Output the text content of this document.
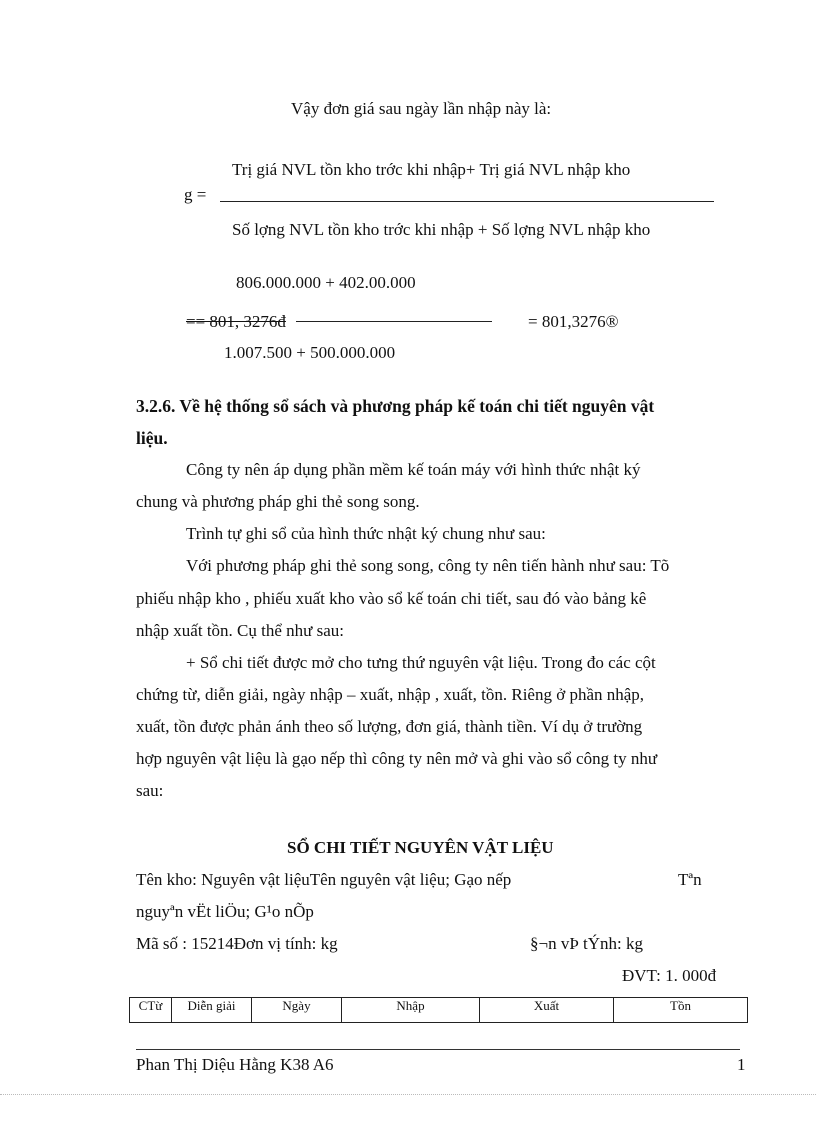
Vậy đơn giá sau ngày lần nhập này là:
Trị giá NVL tồn kho trớc khi nhập+ Trị giá NVL nhập kho
g =
Số lợng NVL tồn kho trớc khi nhập + Số lợng NVL nhập kho
806.000.000 + 402.00.000
== 801, 3276đ	= 801,3276®
1.007.500 + 500.000.000
3.2.6. Về hệ thống sổ sách và phương pháp kế toán chi tiết nguyên vật
liệu.
Công ty nên áp dụng phần mềm kế toán máy với hình thức nhật ký
chung và phương pháp ghi thẻ song song.
Trình tự ghi sổ của hình thức nhật ký chung như sau:
Với phương pháp ghi thẻ song song, công ty nên tiến hành như sau: Tõ
phiếu nhập kho , phiếu xuất kho vào sổ kế toán chi tiết, sau đó vào bảng kê
nhập xuất tồn. Cụ thể như sau:
+ Sổ chi tiết được mở cho tưng thứ nguyên vật liệu. Trong đo các cột
chứng từ, diễn giải, ngày nhập – xuất, nhập , xuất, tồn. Riêng ở phần nhập,
xuất, tồn được phản ánh theo số lượng, đơn giá, thành tiền. Ví dụ ở trường
hợp nguyên vật liệu là gạo nếp thì công ty nên mở và ghi vào sổ công ty như
sau:
SỔ CHI TIẾT NGUYÊN VẬT LIỆU
Tên kho: Nguyên vật liệuTên nguyên vật liệu; Gạo nếp	Tªn
nguyªn vËt liÖu; G¹o nÕp
Mã số : 15214Đơn vị tính: kg	§¬n vÞ tÝnh: kg
ĐVT: 1. 000đ
CTừ	Diễn giải	Ngày	Nhập	Xuất	Tồn
Phan Thị Diệu Hằng K38 A6	1
